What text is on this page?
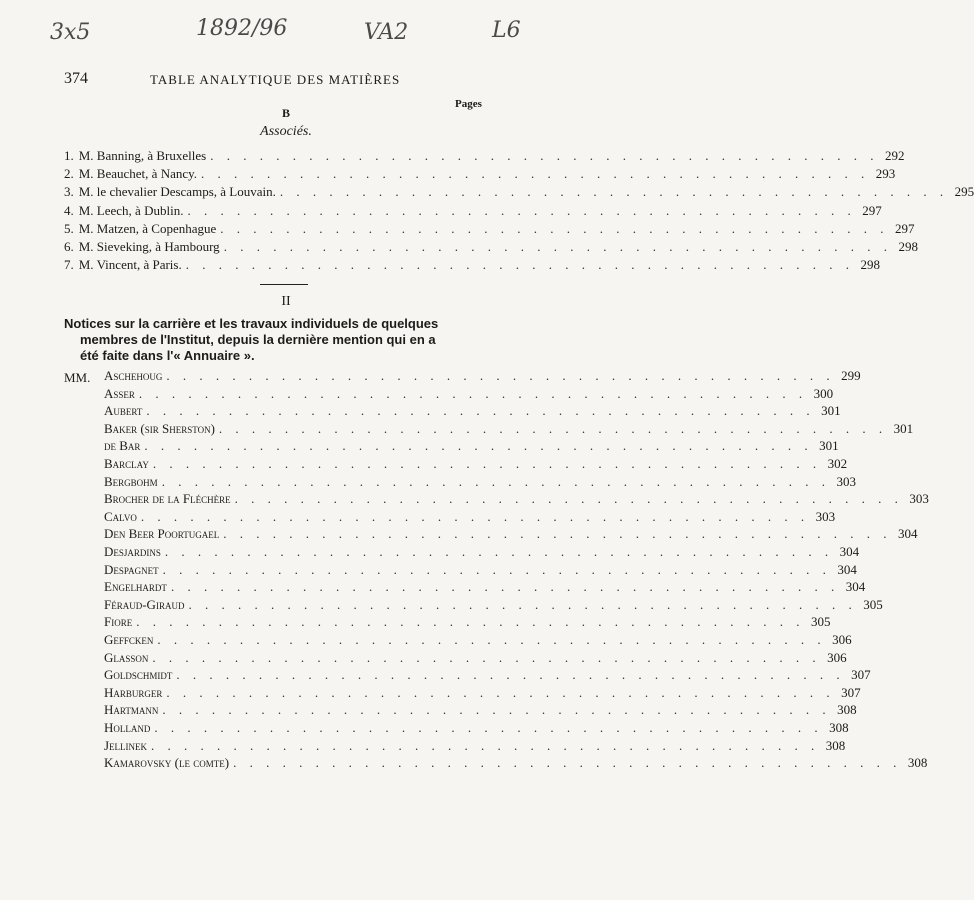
3x5	1892/96	VA2	L6
374	TABLE ANALYTIQUE DES MATIÈRES
Pages
B
Associés.
1. M. Banning, à Bruxelles . . . . . . . . . . . . . . . . . . . . . . . . . . . . . . . . . . . . . . . . . 292
2. M. Beauchet, à Nancy. . . . . . . . . . . . . . . . . . . . . . . . . . . . . . . . . . . . . . . . . . 293
3. M. le chevalier Descamps, à Louvain. . . . . . . . . . . . . . . . . . . . . . . . . . . . . . . . . . . . . . . . . . 295
4. M. Leech, à Dublin. . . . . . . . . . . . . . . . . . . . . . . . . . . . . . . . . . . . . . . . . . 297
5. M. Matzen, à Copenhague . . . . . . . . . . . . . . . . . . . . . . . . . . . . . . . . . . . . . . . . . 297
6. M. Sieveking, à Hambourg . . . . . . . . . . . . . . . . . . . . . . . . . . . . . . . . . . . . . . . . . 298
7. M. Vincent, à Paris. . . . . . . . . . . . . . . . . . . . . . . . . . . . . . . . . . . . . . . . . . 298
II
Notices sur la carrière et les travaux individuels de quelques
membres de l'Institut, depuis la dernière mention qui en a
été faite dans l'« Annuaire ».
MM. Aschehoug . . . . . . . . . . . . . . . . . . . . . . . . . . . . . . . . . . . . . . . . . 299
Asser . . . . . . . . . . . . . . . . . . . . . . . . . . . . . . . . . . . . . . . . . 300
Aubert . . . . . . . . . . . . . . . . . . . . . . . . . . . . . . . . . . . . . . . . . 301
Baker (sir Sherston) . . . . . . . . . . . . . . . . . . . . . . . . . . . . . . . . . . . . . . . . . 301
de Bar . . . . . . . . . . . . . . . . . . . . . . . . . . . . . . . . . . . . . . . . . 301
Barclay . . . . . . . . . . . . . . . . . . . . . . . . . . . . . . . . . . . . . . . . . 302
Bergbohm . . . . . . . . . . . . . . . . . . . . . . . . . . . . . . . . . . . . . . . . . 303
Brocher de la Fléchère . . . . . . . . . . . . . . . . . . . . . . . . . . . . . . . . . . . . . . . . . 303
Calvo . . . . . . . . . . . . . . . . . . . . . . . . . . . . . . . . . . . . . . . . . 303
Den Beer Poortugael . . . . . . . . . . . . . . . . . . . . . . . . . . . . . . . . . . . . . . . . . 304
Desjardins . . . . . . . . . . . . . . . . . . . . . . . . . . . . . . . . . . . . . . . . . 304
Despagnet . . . . . . . . . . . . . . . . . . . . . . . . . . . . . . . . . . . . . . . . . 304
Engelhardt . . . . . . . . . . . . . . . . . . . . . . . . . . . . . . . . . . . . . . . . . 304
Féraud-Giraud . . . . . . . . . . . . . . . . . . . . . . . . . . . . . . . . . . . . . . . . . 305
Fiore . . . . . . . . . . . . . . . . . . . . . . . . . . . . . . . . . . . . . . . . . 305
Geffcken . . . . . . . . . . . . . . . . . . . . . . . . . . . . . . . . . . . . . . . . . 306
Glasson . . . . . . . . . . . . . . . . . . . . . . . . . . . . . . . . . . . . . . . . . 306
Goldschmidt . . . . . . . . . . . . . . . . . . . . . . . . . . . . . . . . . . . . . . . . . 307
Harburger . . . . . . . . . . . . . . . . . . . . . . . . . . . . . . . . . . . . . . . . . 307
Hartmann . . . . . . . . . . . . . . . . . . . . . . . . . . . . . . . . . . . . . . . . . 308
Holland . . . . . . . . . . . . . . . . . . . . . . . . . . . . . . . . . . . . . . . . . 308
Jellinek . . . . . . . . . . . . . . . . . . . . . . . . . . . . . . . . . . . . . . . . . 308
Kamarovsky (le comte) . . . . . . . . . . . . . . . . . . . . . . . . . . . . . . . . . . . . . . . . . 308
